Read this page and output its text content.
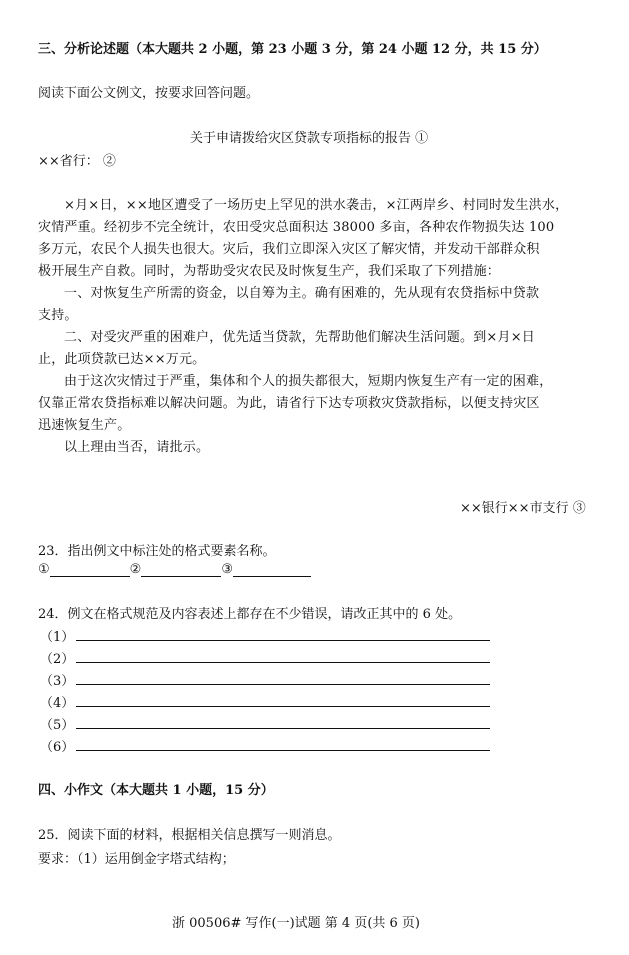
三、分析论述题（本大题共 2 小题，第 23 小题 3 分，第 24 小题 12 分，共 15 分）
阅读下面公文例文，按要求回答问题。
关于申请拨给灾区贷款专项指标的报告 ①
××省行： ②
×月×日，××地区遭受了一场历史上罕见的洪水袭击，×江两岸乡、村同时发生洪水，
灾情严重。经初步不完全统计，农田受灾总面积达 38000 多亩，各种农作物损失达 100
多万元，农民个人损失也很大。灾后，我们立即深入灾区了解灾情，并发动干部群众积
极开展生产自救。同时，为帮助受灾农民及时恢复生产，我们采取了下列措施：
一、对恢复生产所需的资金，以自筹为主。确有困难的，先从现有农贷指标中贷款
支持。
二、对受灾严重的困难户，优先适当贷款，先帮助他们解决生活问题。到×月×日
止，此项贷款已达××万元。
由于这次灾情过于严重，集体和个人的损失都很大，短期内恢复生产有一定的困难，
仅靠正常农贷指标难以解决问题。为此，请省行下达专项救灾贷款指标，以便支持灾区
迅速恢复生产。
以上理由当否，请批示。
××银行××市支行 ③
23．指出例文中标注处的格式要素名称。
①	②	③
24．例文在格式规范及内容表述上都存在不少错误，请改正其中的 6 处。
（1）
（2）
（3）
（4）
（5）
（6）
四、小作文（本大题共 1 小题，15 分）
25．阅读下面的材料，根据相关信息撰写一则消息。
要求：（1）运用倒金字塔式结构；
浙 00506# 写作(一)试题 第 4 页(共 6 页)
